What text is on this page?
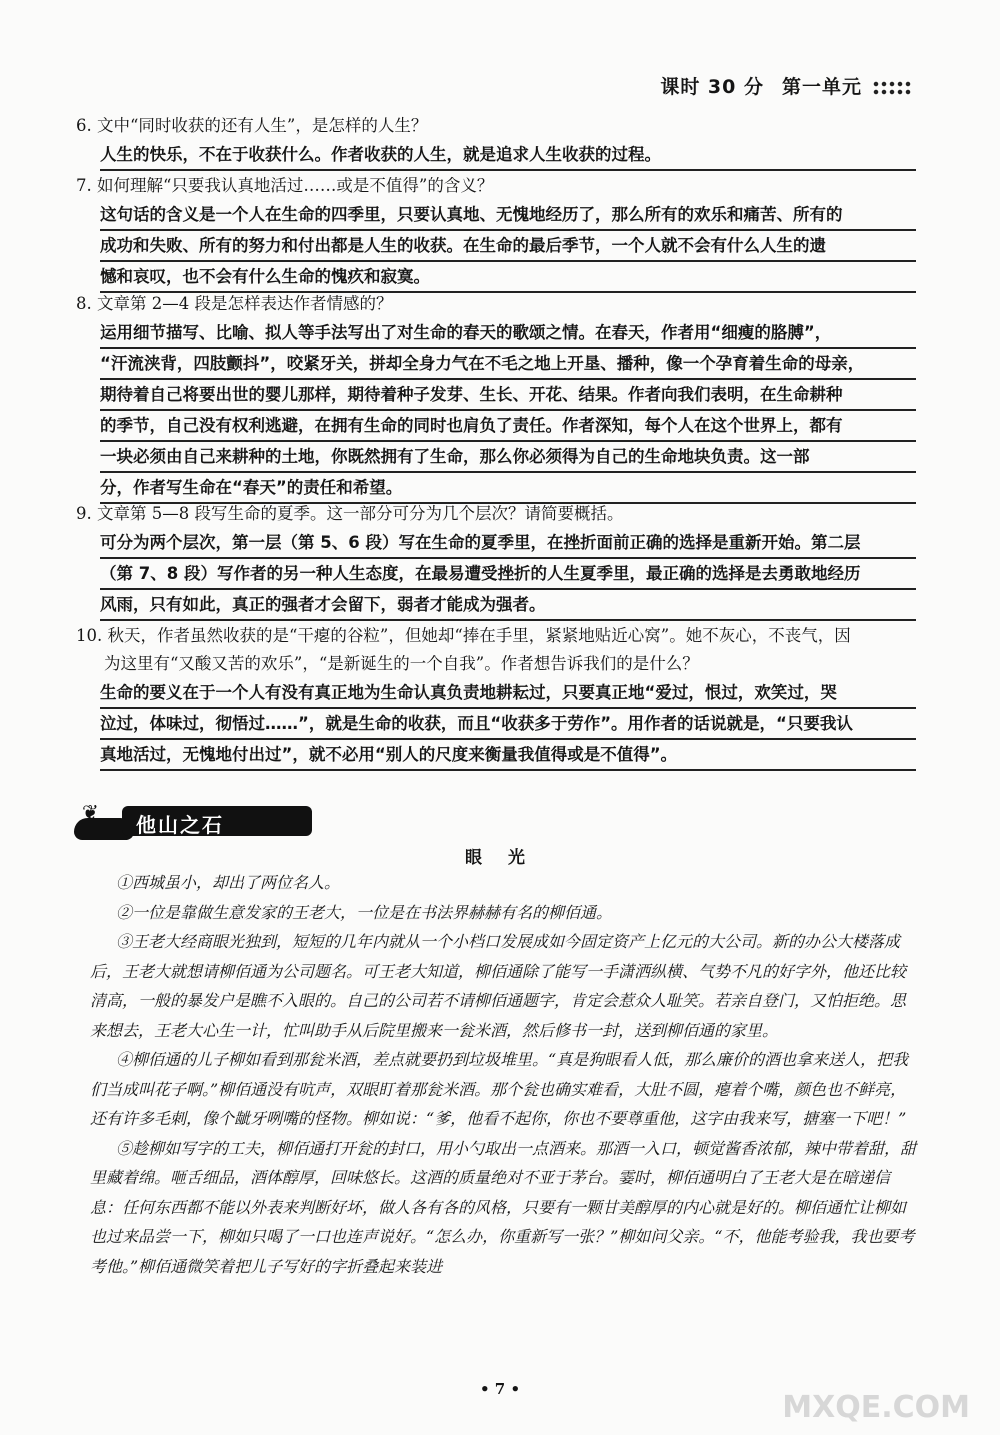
课时 30 分 第一单元

6. 文中“同时收获的还有人生”，是怎样的人生？

人生的快乐，不在于收获什么。作者收获的人生，就是追求人生收获的过程。

7. 如何理解“只要我认真地活过……或是不值得”的含义？

这句话的含义是一个人在生命的四季里，只要认真地、无愧地经历了，那么所有的欢乐和痛苦、所有的
成功和失败、所有的努力和付出都是人生的收获。在生命的最后季节，一个人就不会有什么人生的遗
憾和哀叹，也不会有什么生命的愧疚和寂寞。

8. 文章第 2—4 段是怎样表达作者情感的？

运用细节描写、比喻、拟人等手法写出了对生命的春天的歌颂之情。在春天，作者用“细瘦的胳膊”，
“汗流浃背，四肢颤抖”，咬紧牙关，拼却全身力气在不毛之地上开垦、播种，像一个孕育着生命的母亲，
期待着自己将要出世的婴儿那样，期待着种子发芽、生长、开花、结果。作者向我们表明，在生命耕种
的季节，自己没有权利逃避，在拥有生命的同时也肩负了责任。作者深知，每个人在这个世界上，都有
一块必须由自己来耕种的土地，你既然拥有了生命，那么你必须得为自己的生命地块负责。这一部
分，作者写生命在“春天”的责任和希望。

9. 文章第 5—8 段写生命的夏季。这一部分可分为几个层次？请简要概括。

可分为两个层次，第一层（第 5、6 段）写在生命的夏季里，在挫折面前正确的选择是重新开始。第二层
（第 7、8 段）写作者的另一种人生态度，在最易遭受挫折的人生夏季里，最正确的选择是去勇敢地经历
风雨，只有如此，真正的强者才会留下，弱者才能成为强者。

10. 秋天，作者虽然收获的是“干瘪的谷粒”，但她却“捧在手里，紧紧地贴近心窝”。她不灰心，不丧气，因
为这里有“又酸又苦的欢乐”，“是新诞生的一个自我”。作者想告诉我们的是什么？

生命的要义在于一个人有没有真正地为生命认真负责地耕耘过，只要真正地“爱过，恨过，欢笑过，哭
泣过，体味过，彻悟过……”，就是生命的收获，而且“收获多于劳作”。用作者的话说就是，“只要我认
真地活过，无愧地付出过”，就不必用“别人的尺度来衡量我值得或是不值得”。
❦
他山之石
眼 光

①西城虽小，却出了两位名人。

②一位是靠做生意发家的王老大，一位是在书法界赫赫有名的柳佰通。

③王老大经商眼光独到，短短的几年内就从一个小档口发展成如今固定资产上亿元的大公司。新的办公大楼落成后，王老大就想请柳佰通为公司题名。可王老大知道，柳佰通除了能写一手潇洒纵横、气势不凡的好字外，他还比较清高，一般的暴发户是瞧不入眼的。自己的公司若不请柳佰通题字，肯定会惹众人耻笑。若亲自登门，又怕拒绝。思来想去，王老大心生一计，忙叫助手从后院里搬来一瓮米酒，然后修书一封，送到柳佰通的家里。

④柳佰通的儿子柳如看到那瓮米酒，差点就要扔到垃圾堆里。“真是狗眼看人低，那么廉价的酒也拿来送人，把我们当成叫花子啊。”柳佰通没有吭声，双眼盯着那瓮米酒。那个瓮也确实难看，大肚不圆，瘪着个嘴，颜色也不鲜亮，还有许多毛刺，像个龇牙咧嘴的怪物。柳如说：“爹，他看不起你，你也不要尊重他，这字由我来写，搪塞一下吧！”

⑤趁柳如写字的工夫，柳佰通打开瓮的封口，用小勺取出一点酒来。那酒一入口，顿觉酱香浓郁，辣中带着甜，甜里藏着绵。咂舌细品，酒体醇厚，回味悠长。这酒的质量绝对不亚于茅台。霎时，柳佰通明白了王老大是在暗递信息：任何东西都不能以外表来判断好坏，做人各有各的风格，只要有一颗甘美醇厚的内心就是好的。柳佰通忙让柳如也过来品尝一下，柳如只喝了一口也连声说好。“怎么办，你重新写一张？”柳如问父亲。“不，他能考验我，我也要考考他。”柳佰通微笑着把儿子写好的字折叠起来装进

• 7 •
MXQE.COM
